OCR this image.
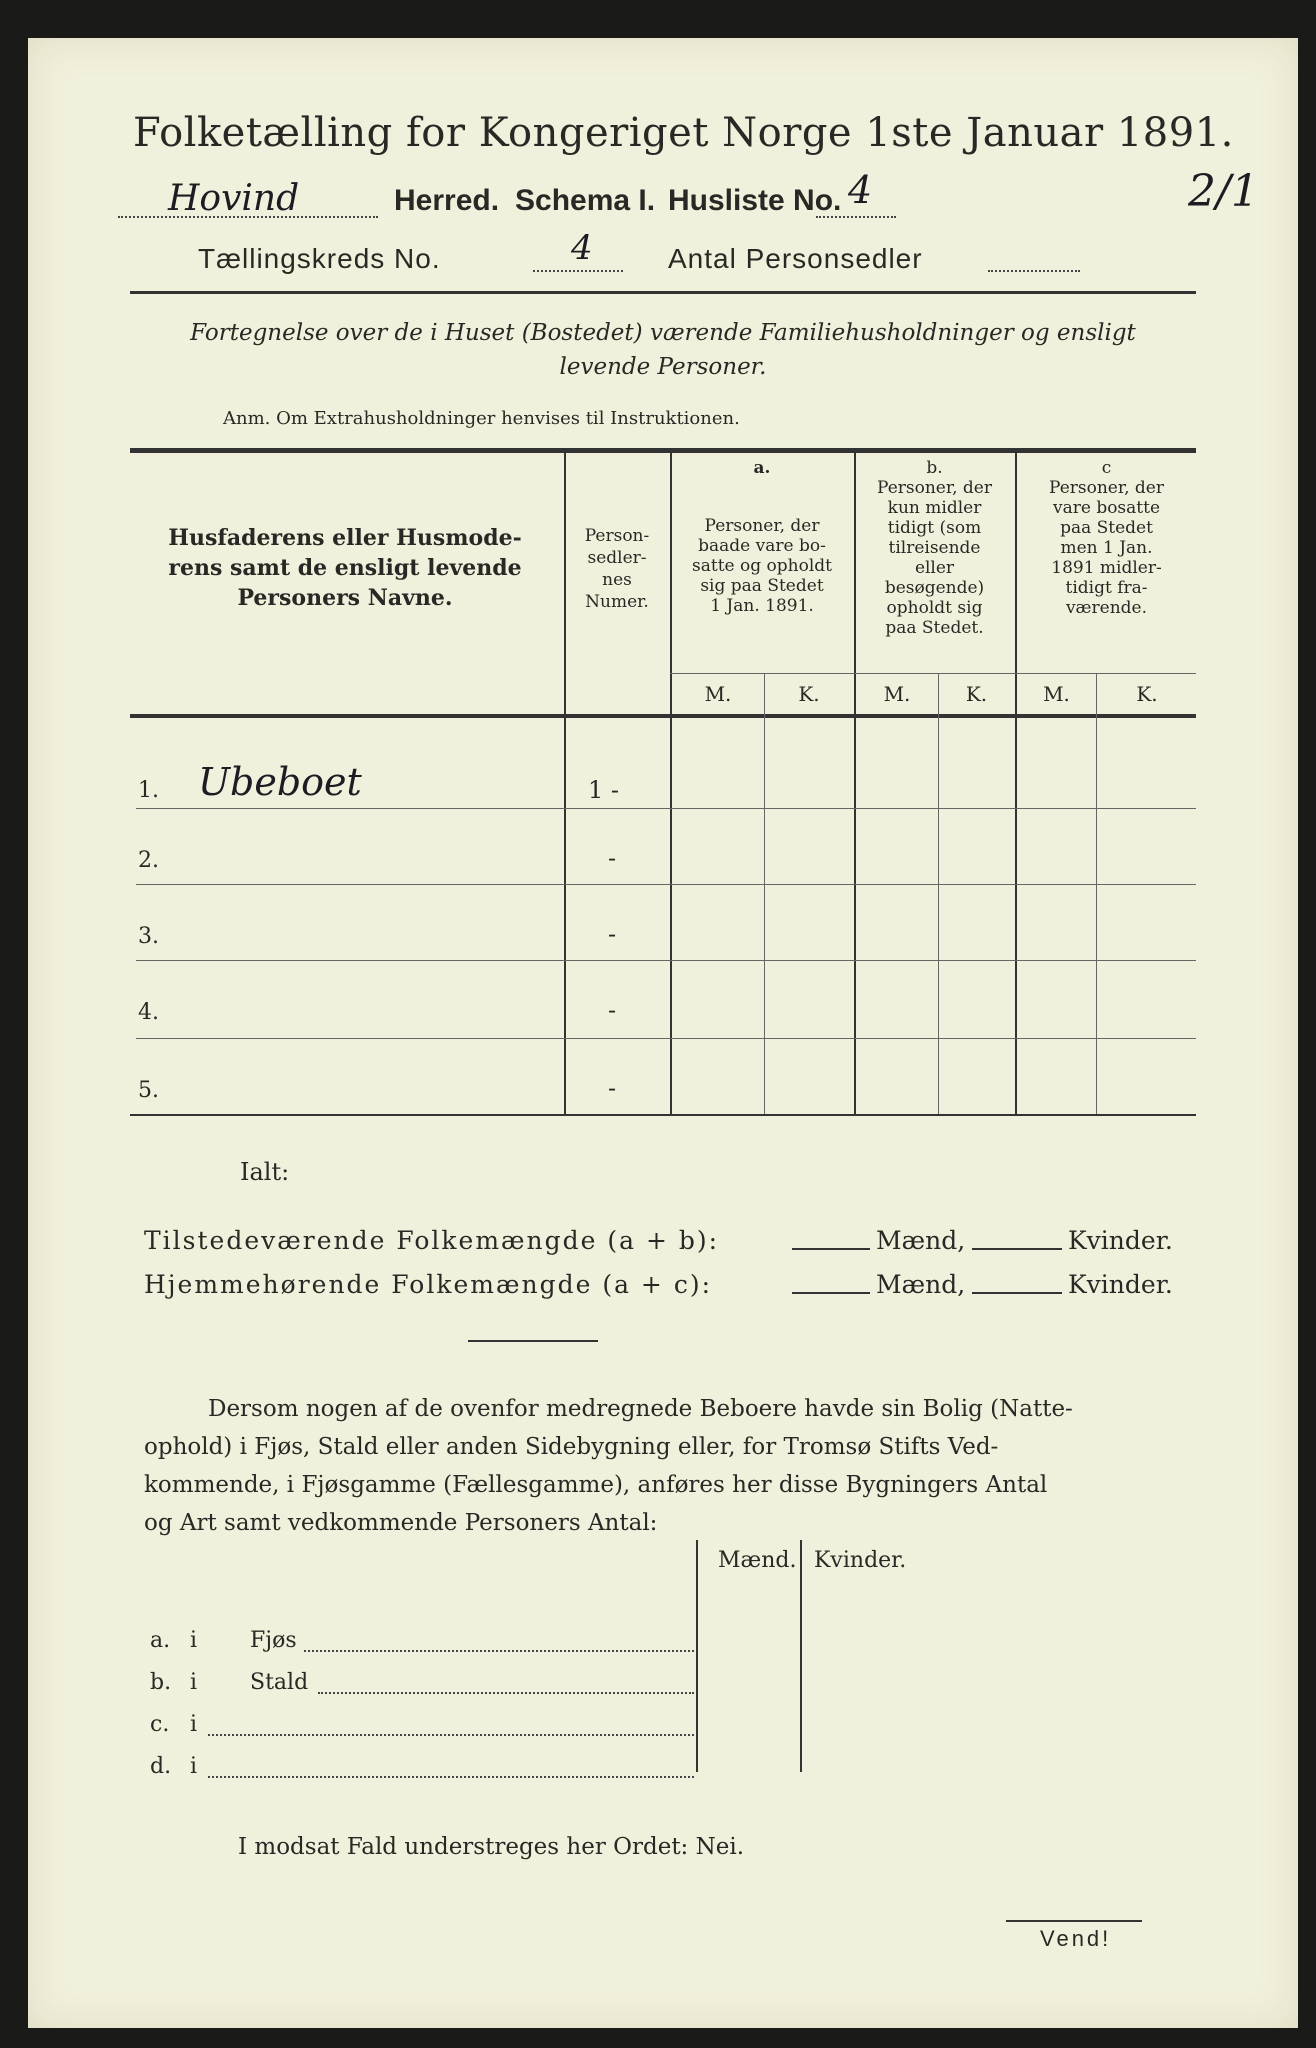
Folketælling for Kongeriget Norge 1ste Januar 1891.
Hovind	Herred. Schema I. Husliste No. 4	2/1
Tællingskreds No.	4	Antal Personsedler
Fortegnelse over de i Huset (Bostedet) værende Familiehusholdninger og ensligt
levende Personer.
Anm. Om Extrahusholdninger henvises til Instruktionen.
Husfaderens eller Husmode-
rens samt de ensligt levende
Personers Navne.
Person-
sedler-
nes
Numer.
a.
Personer, der
baade vare bo-
satte og opholdt
sig paa Stedet
1 Jan. 1891.
b.
Personer, der
kun midler
tidigt (som
tilreisende
eller
besøgende)
opholdt sig
paa Stedet.
c
Personer, der
vare bosatte
paa Stedet
men 1 Jan.
1891 midler-
tidigt fra-
værende.
M.	K.	M.	K.	M.	K.
1. Ubeboet	1 -
2.	-
3.	-
4.	-
5.	-
Ialt:
Tilstedeværende Folkemængde (a + b):	Mænd,	Kvinder.
Hjemmehørende Folkemængde (a + c):	Mænd,	Kvinder.
Dersom nogen af de ovenfor medregnede Beboere havde sin Bolig (Natte-
ophold) i Fjøs, Stald eller anden Sidebygning eller, for Tromsø Stifts Ved-
kommende, i Fjøsgamme (Fællesgamme), anføres her disse Bygningers Antal
og Art samt vedkommende Personers Antal:
Mænd. Kvinder.
a. i Fjøs
b. i Stald
c. i
d. i
I modsat Fald understreges her Ordet: Nei.
Vend!
